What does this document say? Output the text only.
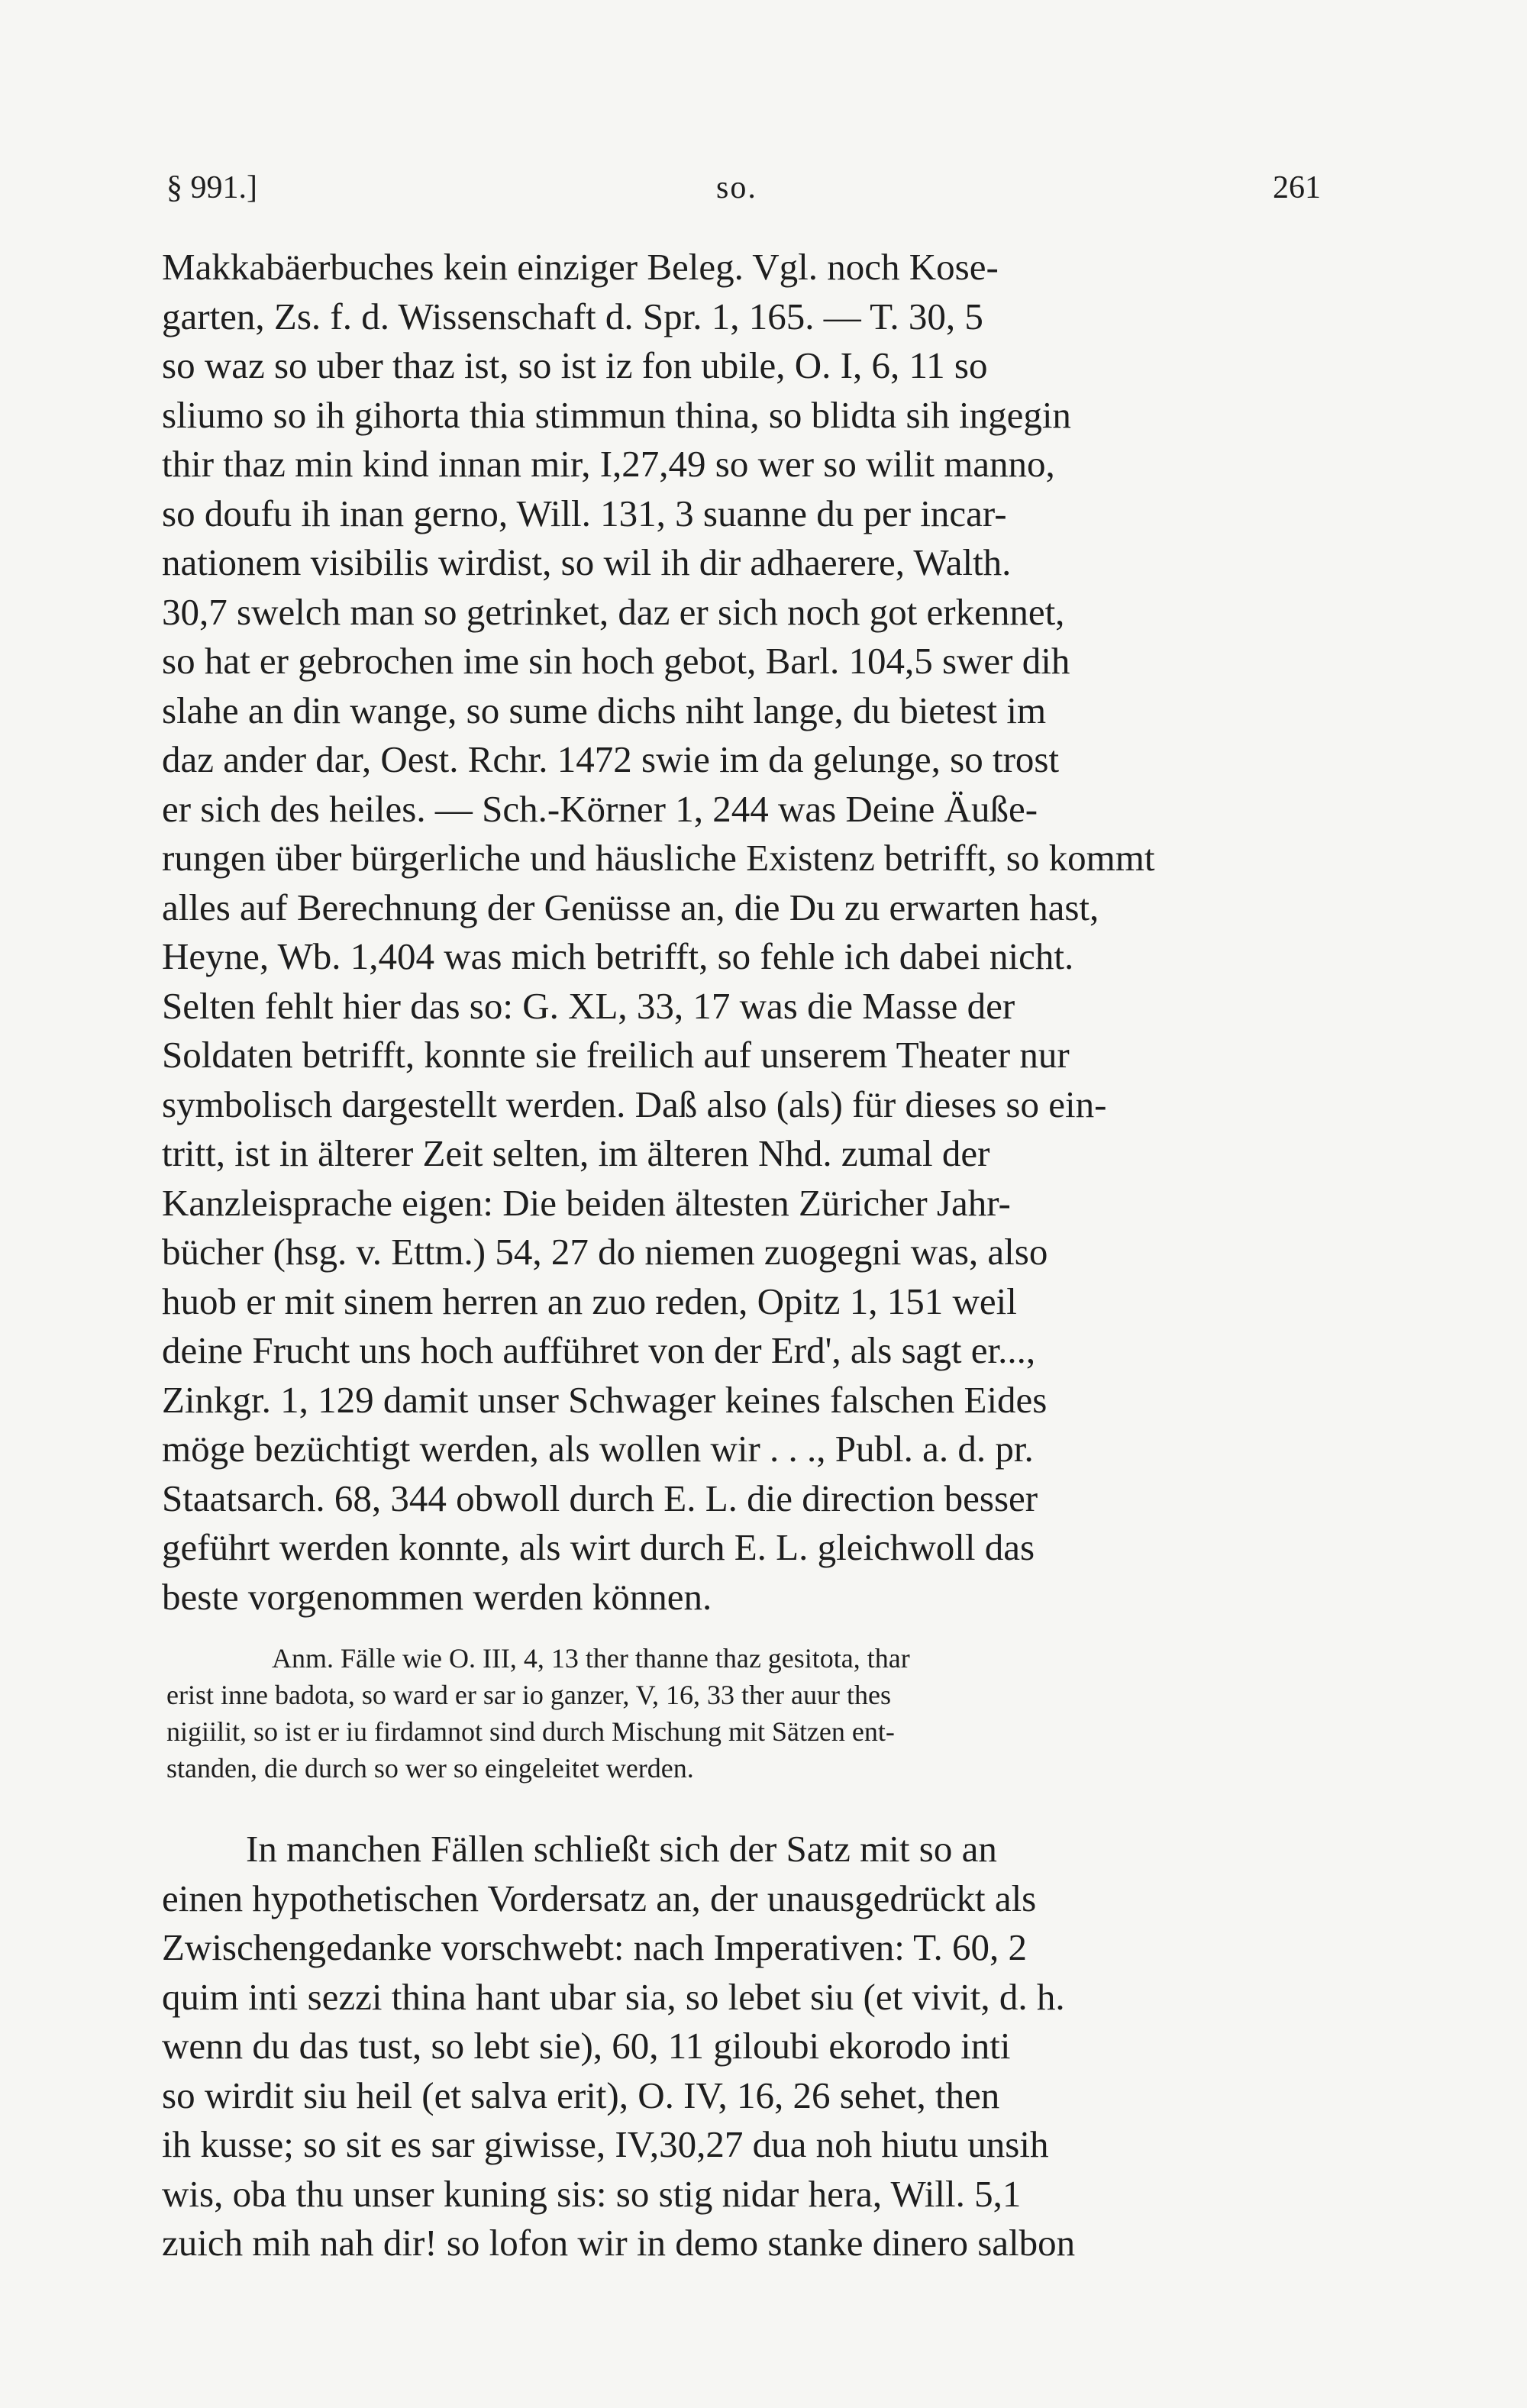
§ 991.]	so.	261
Makkabäerbuches kein einziger Beleg. Vgl. noch Kose-
garten, Zs. f. d. Wissenschaft d. Spr. 1, 165. — T. 30, 5
so waz so uber thaz ist, so ist iz fon ubile, O. I, 6, 11 so
sliumo so ih gihorta thia stimmun thina, so blidta sih ingegin
thir thaz min kind innan mir, I,27,49 so wer so wilit manno,
so doufu ih inan gerno, Will. 131, 3 suanne du per incar-
nationem visibilis wirdist, so wil ih dir adhaerere, Walth.
30,7 swelch man so getrinket, daz er sich noch got erkennet,
so hat er gebrochen ime sin hoch gebot, Barl. 104,5 swer dih
slahe an din wange, so sume dichs niht lange, du bietest im
daz ander dar, Oest. Rchr. 1472 swie im da gelunge, so trost
er sich des heiles. — Sch.-Körner 1, 244 was Deine Äuße-
rungen über bürgerliche und häusliche Existenz betrifft, so kommt
alles auf Berechnung der Genüsse an, die Du zu erwarten hast,
Heyne, Wb. 1,404 was mich betrifft, so fehle ich dabei nicht.
Selten fehlt hier das so: G. XL, 33, 17 was die Masse der
Soldaten betrifft, konnte sie freilich auf unserem Theater nur
symbolisch dargestellt werden. Daß also (als) für dieses so ein-
tritt, ist in älterer Zeit selten, im älteren Nhd. zumal der
Kanzleisprache eigen: Die beiden ältesten Züricher Jahr-
bücher (hsg. v. Ettm.) 54, 27 do niemen zuogegni was, also
huob er mit sinem herren an zuo reden, Opitz 1, 151 weil
deine Frucht uns hoch aufführet von der Erd', als sagt er...,
Zinkgr. 1, 129 damit unser Schwager keines falschen Eides
möge bezüchtigt werden, als wollen wir . . ., Publ. a. d. pr.
Staatsarch. 68, 344 obwoll durch E. L. die direction besser
geführt werden konnte, als wirt durch E. L. gleichwoll das
beste vorgenommen werden können.
Anm. Fälle wie O. III, 4, 13 ther thanne thaz gesitota, thar
erist inne badota, so ward er sar io ganzer, V, 16, 33 ther auur thes
nigiilit, so ist er iu firdamnot sind durch Mischung mit Sätzen ent-
standen, die durch so wer so eingeleitet werden.
In manchen Fällen schließt sich der Satz mit so an
einen hypothetischen Vordersatz an, der unausgedrückt als
Zwischengedanke vorschwebt: nach Imperativen: T. 60, 2
quim inti sezzi thina hant ubar sia, so lebet siu (et vivit, d. h.
wenn du das tust, so lebt sie), 60, 11 giloubi ekorodo inti
so wirdit siu heil (et salva erit), O. IV, 16, 26 sehet, then
ih kusse; so sit es sar giwisse, IV,30,27 dua noh hiutu unsih
wis, oba thu unser kuning sis: so stig nidar hera, Will. 5,1
zuich mih nah dir! so lofon wir in demo stanke dinero salbon
